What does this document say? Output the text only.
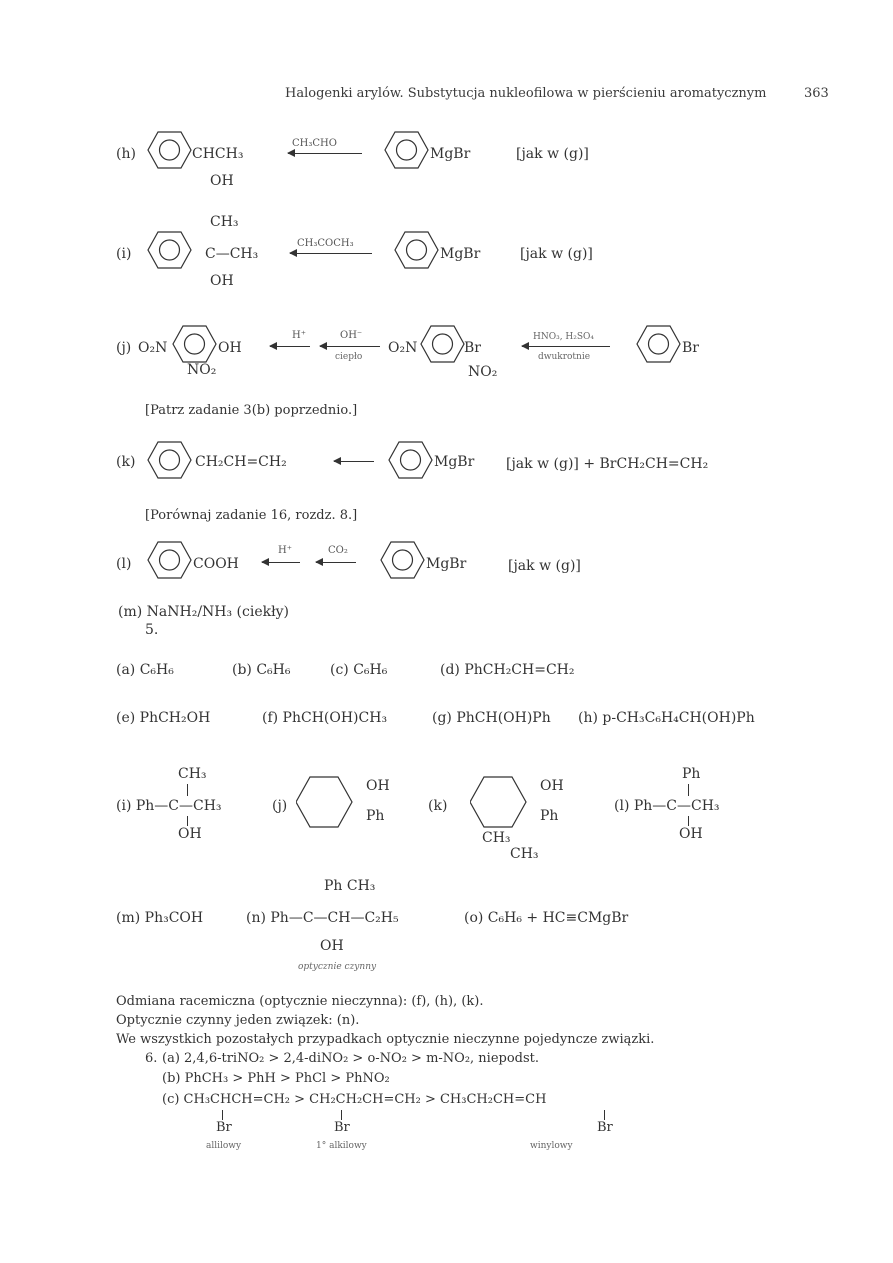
Halogenki arylów. Substytucja nukleofilowa w pierścieniu aromatycznym	363
(h)	CHCH₃
OH
CH₃CHO
MgBr	[jak w (g)]
CH₃
(i)	C—CH₃
OH
CH₃COCH₃
MgBr	[jak w (g)]
(j) O₂N	OH
NO₂
H⁺	OH⁻
ciepło
O₂N	Br
NO₂
HNO₃, H₂SO₄
dwukrotnie
Br
[Patrz zadanie 3(b) poprzednio.]
(k)	CH₂CH=CH₂	MgBr [jak w (g)] + BrCH₂CH=CH₂
[Porównaj zadanie 16, rozdz. 8.]
(l)	COOH
H⁺	CO₂
MgBr	[jak w (g)]
(m) NaNH₂/NH₃ (ciekły)
5.
(a) C₆H₆	(b) C₆H₆	(c) C₆H₆	(d) PhCH₂CH=CH₂
(e) PhCH₂OH	(f) PhCH(OH)CH₃	(g) PhCH(OH)Ph (h) p-CH₃C₆H₄CH(OH)Ph
CH₃
(i) Ph—C—CH₃
OH
(j)
OH
Ph
(k)
OH
Ph
CH₃
CH₃
Ph
(l) Ph—C—CH₃
OH
Ph CH₃
(m) Ph₃COH	(n) Ph—C—CH—C₂H₅
OH
optycznie czynny
(o) C₆H₆ + HC≡CMgBr
Odmiana racemiczna (optycznie nieczynna): (f), (h), (k).
Optycznie czynny jeden związek: (n).
We wszystkich pozostałych przypadkach optycznie nieczynne pojedyncze związki.
6. (a) 2,4,6-triNO₂ > 2,4-diNO₂ > o-NO₂ > m-NO₂, niepodst.
(b) PhCH₃ > PhH > PhCl > PhNO₂
(c) CH₃CHCH=CH₂ > CH₂CH₂CH=CH₂ > CH₃CH₂CH=CH
Br	Br	Br
allilowy	1° alkilowy	winylowy
